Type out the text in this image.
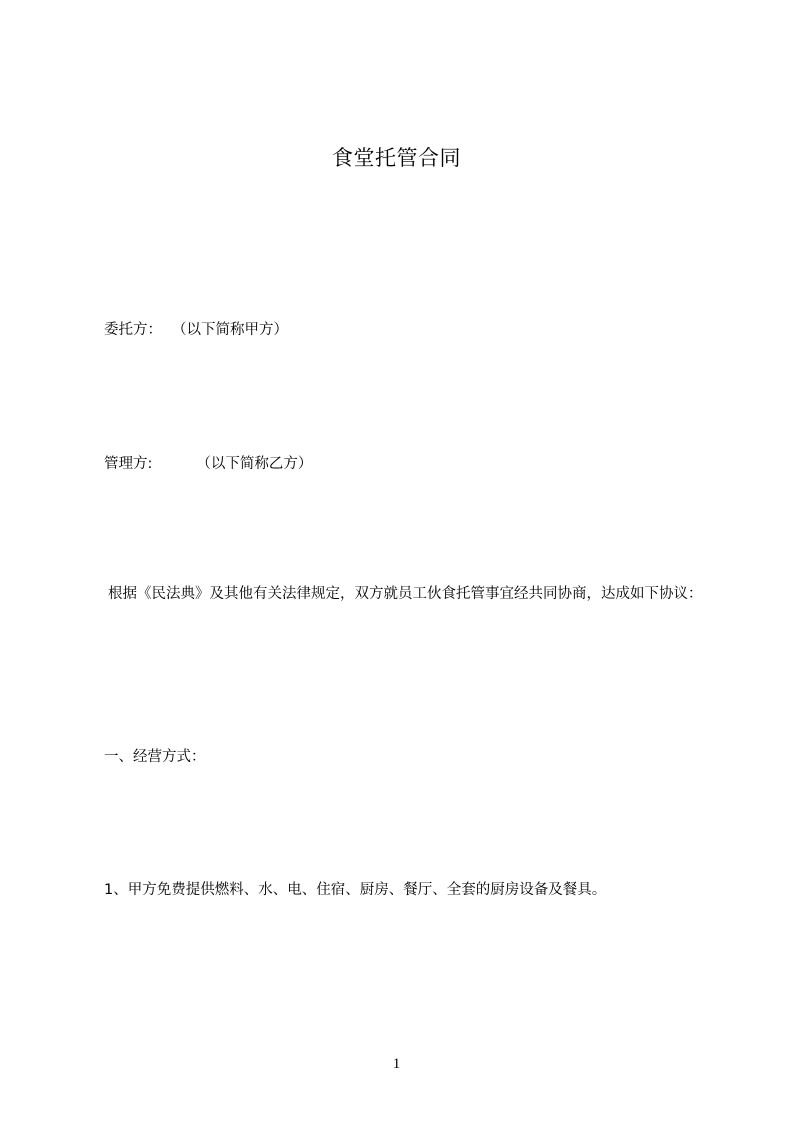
食堂托管合同
委托方： （以下简称甲方）
管理方:	（以下简称乙方）
根据《民法典》及其他有关法律规定，双方就员工伙食托管事宜经共同协商，达成如下协议：
一、经营方式：
1、甲方免费提供燃料、水、电、住宿、厨房、餐厅、全套的厨房设备及餐具。
1
